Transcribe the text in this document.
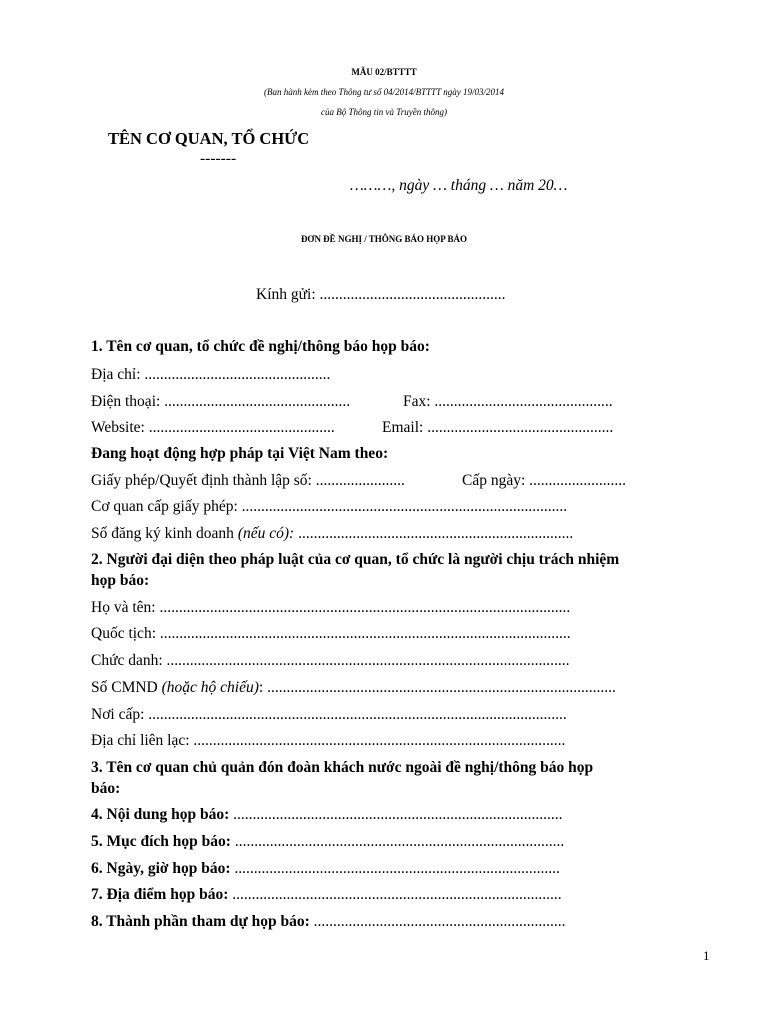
MẪU 02/BTTTT
(Ban hành kèm theo Thông tư số 04/2014/BTTTT ngày 19/03/2014
của Bộ Thông tin và Truyền thông)
TÊN CƠ QUAN, TỔ CHỨC
-------
………, ngày … tháng … năm 20…
ĐƠN ĐỀ NGHỊ / THÔNG BÁO HỌP BÁO
Kính gửi: ................................................
1. Tên cơ quan, tổ chức đề nghị/thông báo họp báo:
Địa chỉ: ................................................
Điện thoại: ................................................	Fax: ..............................................
Website: ................................................	Email: ................................................
Đang hoạt động hợp pháp tại Việt Nam theo:
Giấy phép/Quyết định thành lập số: .......................	Cấp ngày: .........................
Cơ quan cấp giấy phép: ....................................................................................
Số đăng ký kinh doanh (nếu có): .......................................................................
2. Người đại diện theo pháp luật của cơ quan, tổ chức là người chịu trách nhiệm
họp báo:
Họ và tên: ..........................................................................................................
Quốc tịch: ..........................................................................................................
Chức danh: ........................................................................................................
Số CMND (hoặc hộ chiếu): ..........................................................................................
Nơi cấp: ............................................................................................................
Địa chỉ liên lạc: ................................................................................................
3. Tên cơ quan chủ quản đón đoàn khách nước ngoài đề nghị/thông báo họp
báo:
4. Nội dung họp báo: .....................................................................................
5. Mục đích họp báo: .....................................................................................
6. Ngày, giờ họp báo: ....................................................................................
7. Địa điểm họp báo: .....................................................................................
8. Thành phần tham dự họp báo: .................................................................
1
